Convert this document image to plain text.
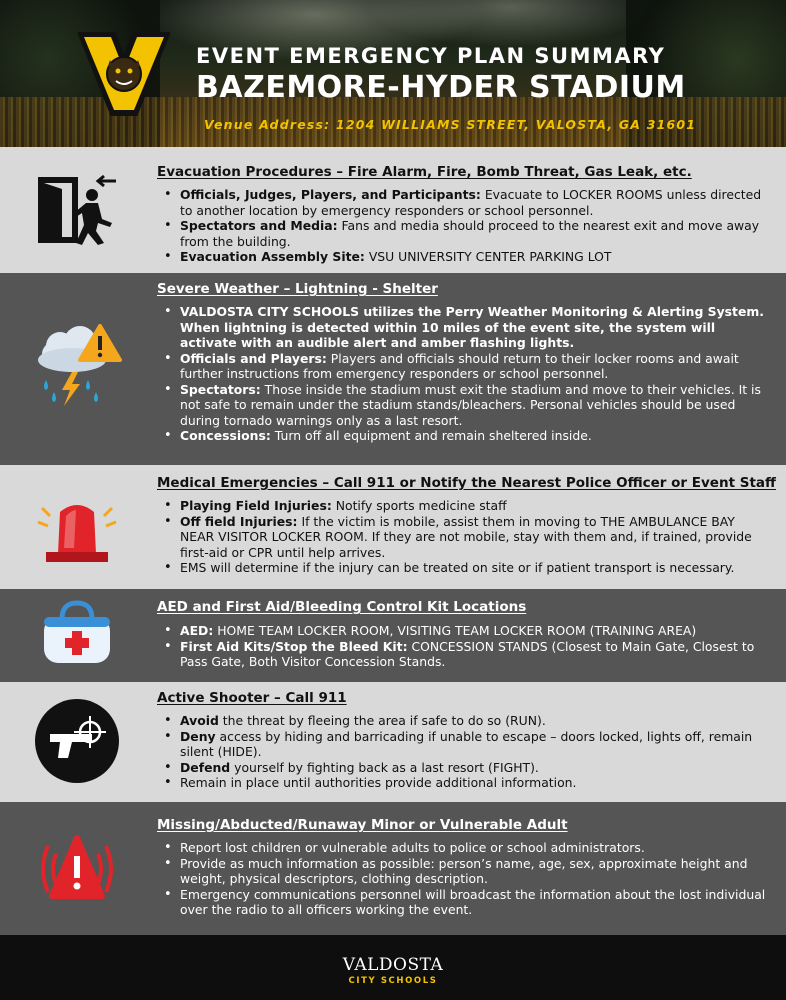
EVENT EMERGENCY PLAN SUMMARY
BAZEMORE-HYDER STADIUM
Venue Address: 1204 WILLIAMS STREET, VALOSTA, GA 31601
Evacuation Procedures – Fire Alarm, Fire, Bomb Threat, Gas Leak, etc.
• Officials, Judges, Players, and Participants: Evacuate to LOCKER ROOMS unless directed to another location by emergency responders or school personnel.
• Spectators and Media: Fans and media should proceed to the nearest exit and move away from the building.
• Evacuation Assembly Site: VSU UNIVERSITY CENTER PARKING LOT
Severe Weather – Lightning - Shelter
• VALDOSTA CITY SCHOOLS utilizes the Perry Weather Monitoring & Alerting System. When lightning is detected within 10 miles of the event site, the system will activate with an audible alert and amber flashing lights.
• Officials and Players: Players and officials should return to their locker rooms and await further instructions from emergency responders or school personnel.
• Spectators: Those inside the stadium must exit the stadium and move to their vehicles. It is not safe to remain under the stadium stands/bleachers. Personal vehicles should be used during tornado warnings only as a last resort.
• Concessions: Turn off all equipment and remain sheltered inside.
Medical Emergencies – Call 911 or Notify the Nearest Police Officer or Event Staff
• Playing Field Injuries: Notify sports medicine staff
• Off field Injuries: If the victim is mobile, assist them in moving to THE AMBULANCE BAY NEAR VISITOR LOCKER ROOM. If they are not mobile, stay with them and, if trained, provide first-aid or CPR until help arrives.
• EMS will determine if the injury can be treated on site or if patient transport is necessary.
AED and First Aid/Bleeding Control Kit Locations
• AED: HOME TEAM LOCKER ROOM, VISITING TEAM LOCKER ROOM (TRAINING AREA)
• First Aid Kits/Stop the Bleed Kit: CONCESSION STANDS (Closest to Main Gate, Closest to Pass Gate, Both Visitor Concession Stands.
Active Shooter – Call 911
• Avoid the threat by fleeing the area if safe to do so (RUN).
• Deny access by hiding and barricading if unable to escape – doors locked, lights off, remain silent (HIDE).
• Defend yourself by fighting back as a last resort (FIGHT).
• Remain in place until authorities provide additional information.
Missing/Abducted/Runaway Minor or Vulnerable Adult
• Report lost children or vulnerable adults to police or school administrators.
• Provide as much information as possible: person’s name, age, sex, approximate height and weight, physical descriptors, clothing description.
• Emergency communications personnel will broadcast the information about the lost individual over the radio to all officers working the event.
VALDOSTA
CITY SCHOOLS
